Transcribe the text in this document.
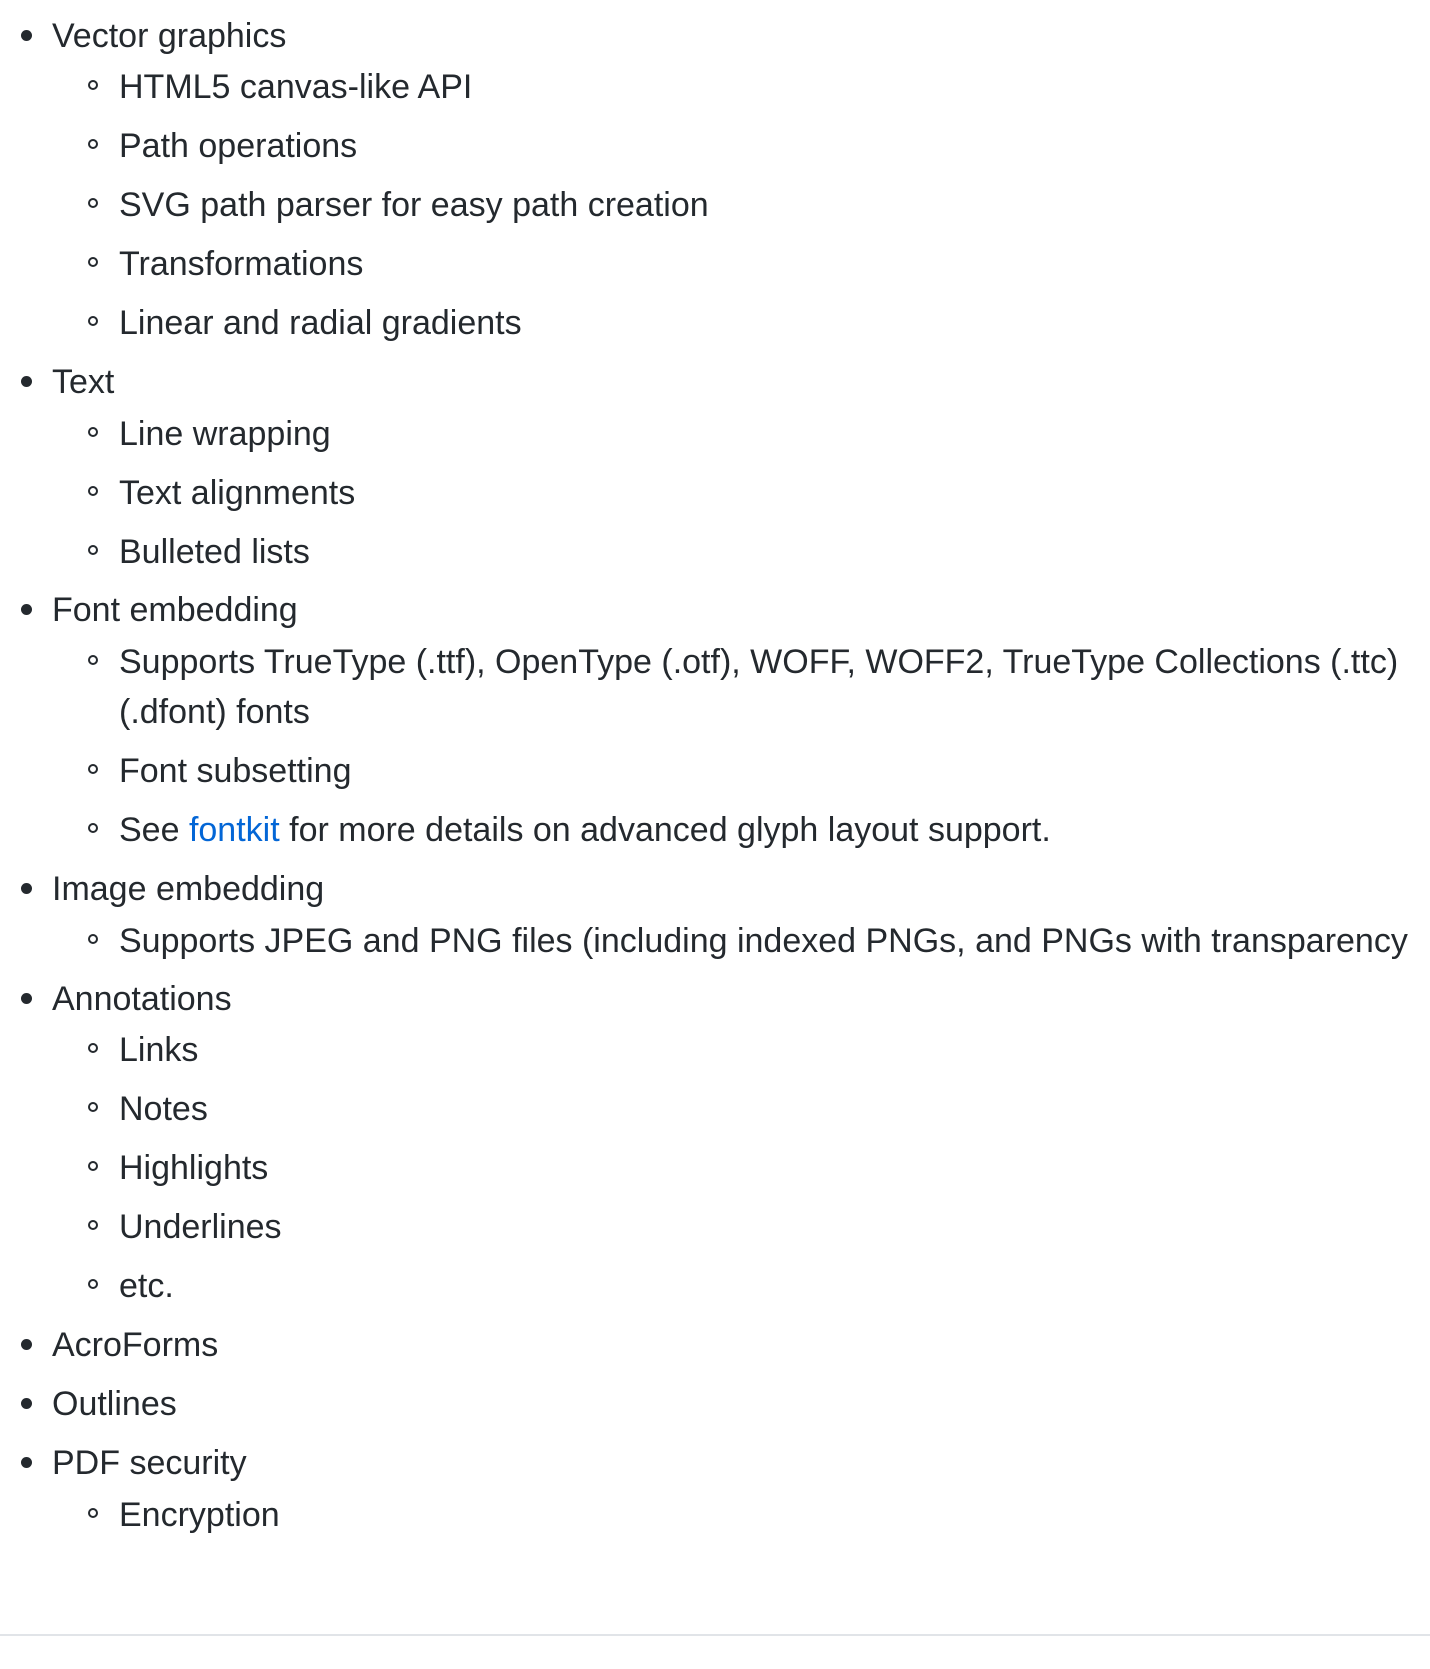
Vector graphics
HTML5 canvas-like API
Path operations
SVG path parser for easy path creation
Transformations
Linear and radial gradients
Text
Line wrapping
Text alignments
Bulleted lists
Font embedding
Supports TrueType (.ttf), OpenType (.otf), WOFF, WOFF2, TrueType Collections (.ttc)
(.dfont) fonts
Font subsetting
See fontkit for more details on advanced glyph layout support.
Image embedding
Supports JPEG and PNG files (including indexed PNGs, and PNGs with transparency
Annotations
Links
Notes
Highlights
Underlines
etc.
AcroForms
Outlines
PDF security
Encryption
